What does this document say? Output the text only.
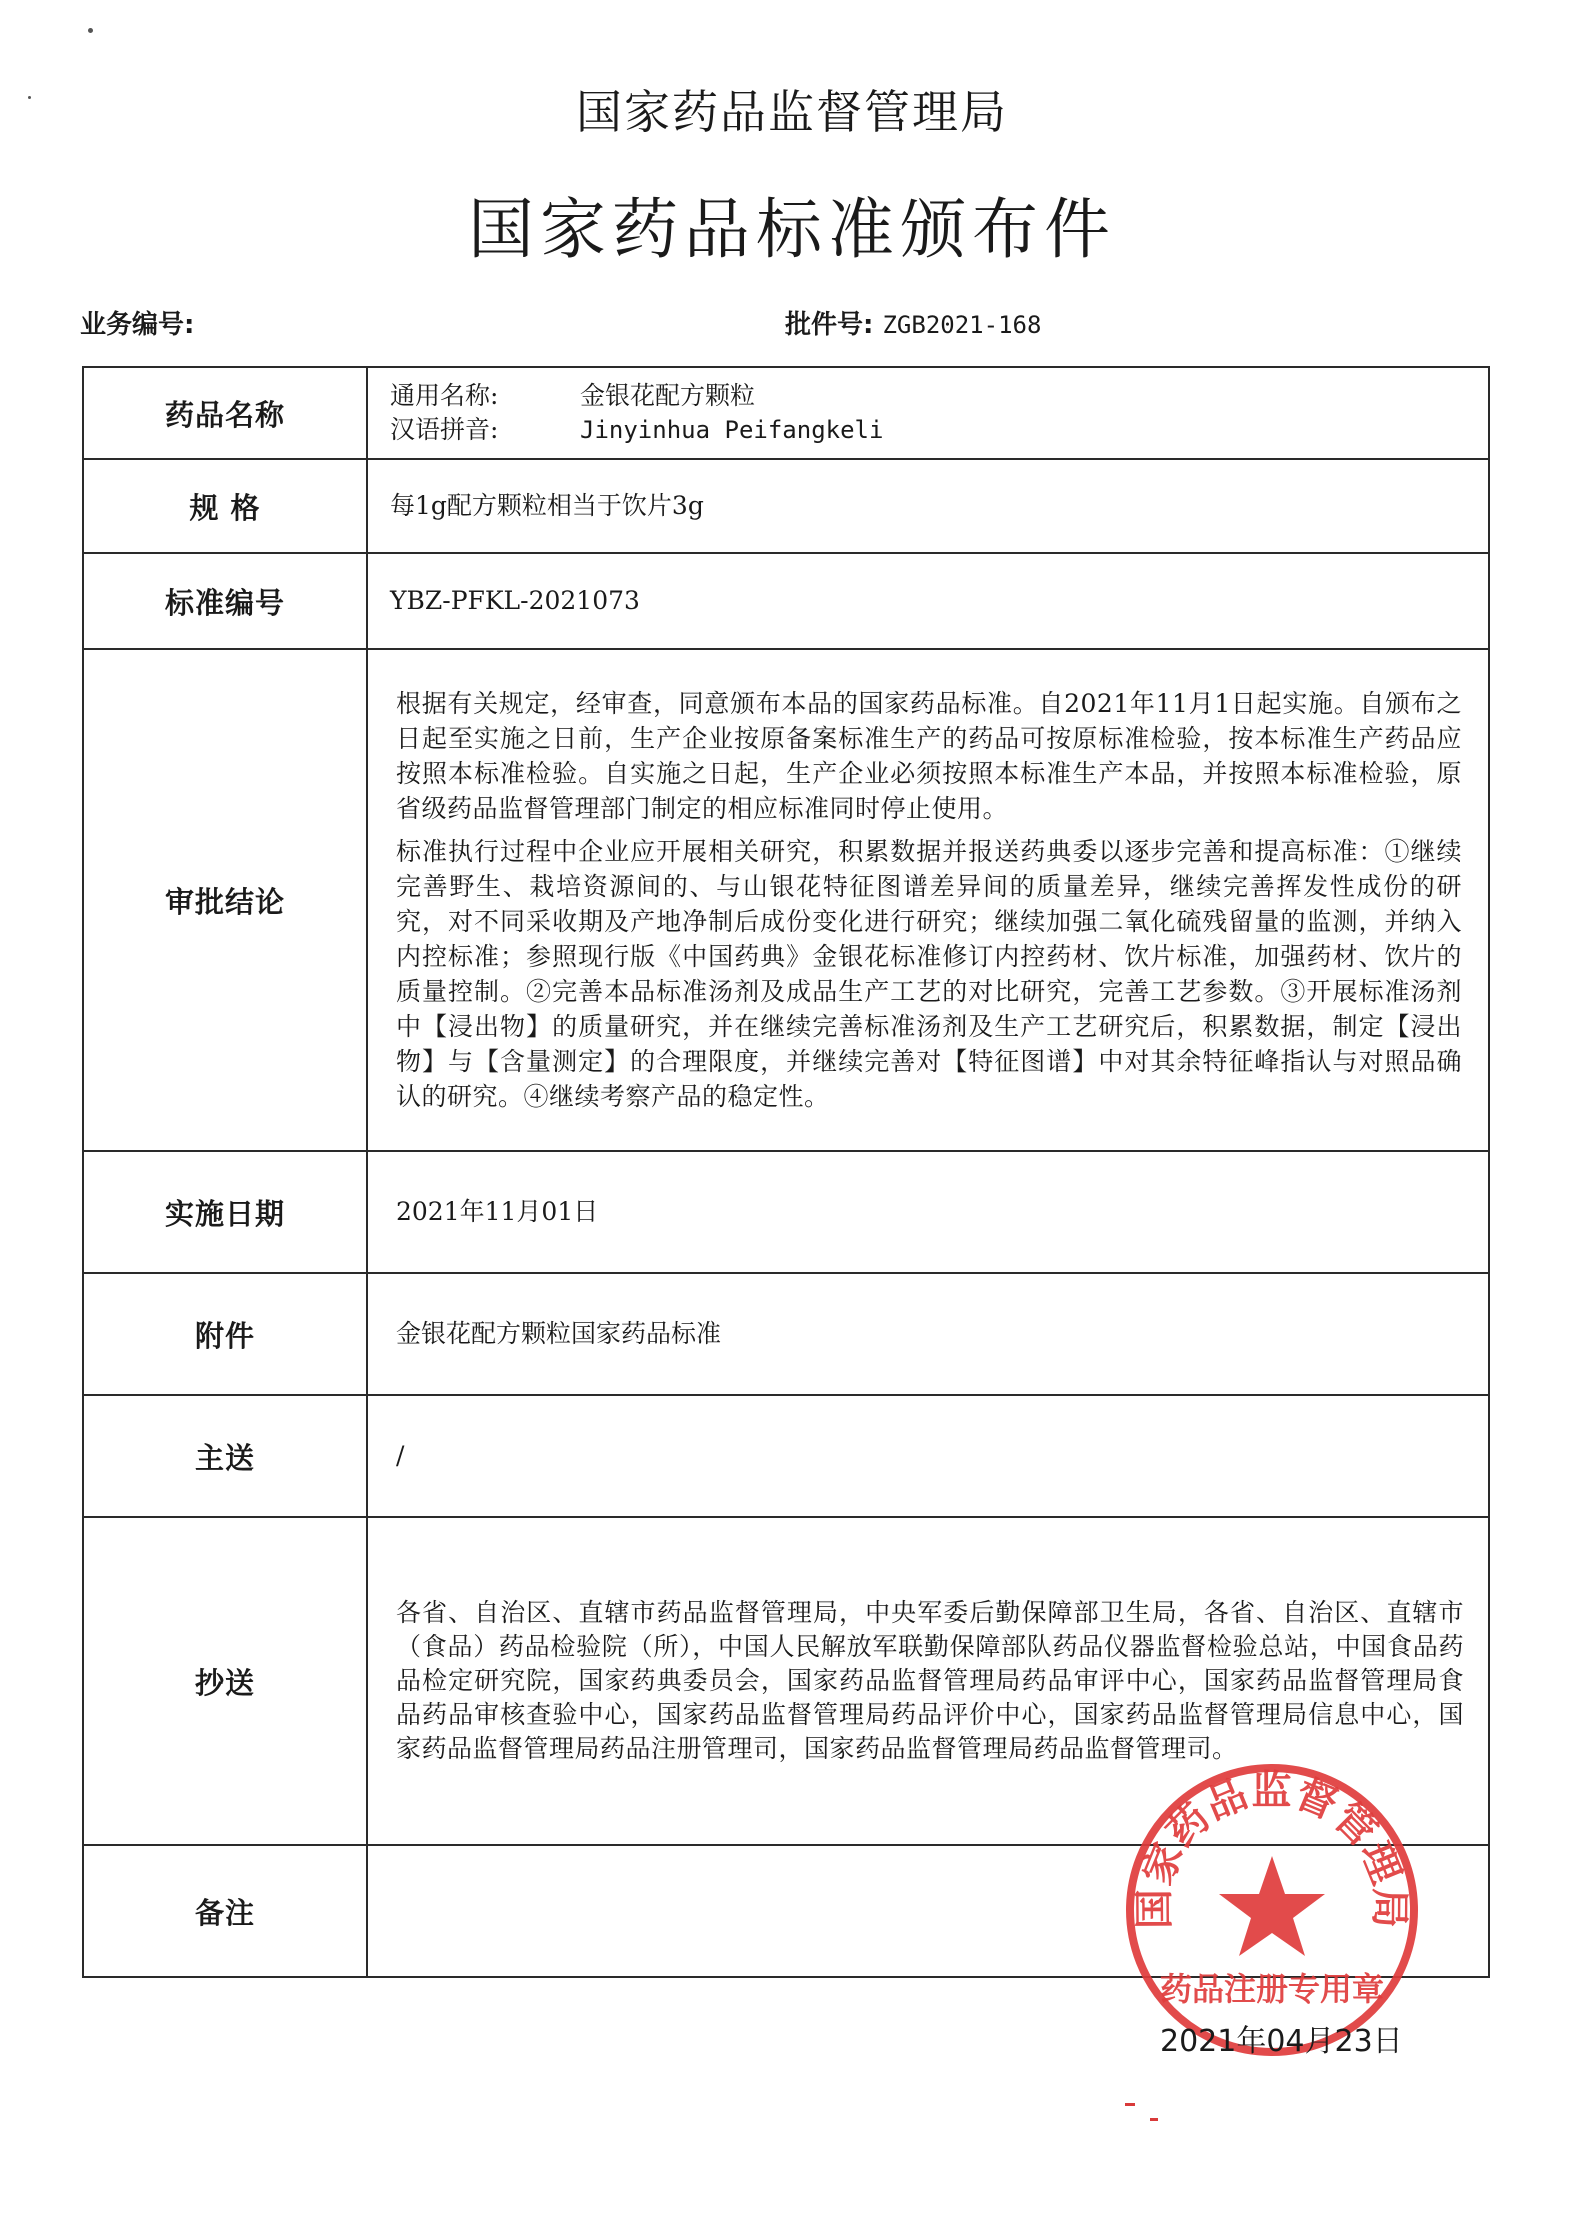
国家药品监督管理局
国家药品标准颁布件
业务编号:	批件号: ZGB2021-168
药品名称	通用名称: 金银花配方颗粒
汉语拼音: Jinyinhua Peifangkeli

规 格	每1g配方颗粒相当于饮片3g
标准编号	YBZ-PFKL-2021073
审批结论	根据有关规定，经审查，同意颁布本品的国家药品标准。自2021年11月1日起实施。自颁布之日起至实施之日前，生产企业按原备案标准生产的药品可按原标准检验，按本标准生产药品应按照本标准检验。自实施之日起，生产企业必须按照本标准生产本品，并按照本标准检验，原省级药品监督管理部门制定的相应标准同时停止使用。

标准执行过程中企业应开展相关研究，积累数据并报送药典委以逐步完善和提高标准：①继续完善野生、栽培资源间的、与山银花特征图谱差异间的质量差异，继续完善挥发性成份的研究，对不同采收期及产地净制后成份变化进行研究；继续加强二氧化硫残留量的监测，并纳入内控标准；参照现行版《中国药典》金银花标准修订内控药材、饮片标准，加强药材、饮片的质量控制。②完善本品标准汤剂及成品生产工艺的对比研究，完善工艺参数。③开展标准汤剂中【浸出物】的质量研究，并在继续完善标准汤剂及生产工艺研究后，积累数据，制定【浸出物】与【含量测定】的合理限度，并继续完善对【特征图谱】中对其余特征峰指认与对照品确认的研究。④继续考察产品的稳定性。

实施日期	2021年11月01日
附件	金银花配方颗粒国家药品标准
主送	/
抄送	各省、自治区、直辖市药品监督管理局，中央军委后勤保障部卫生局，各省、自治区、直辖市（食品）药品检验院（所），中国人民解放军联勤保障部队药品仪器监督检验总站，中国食品药品检定研究院，国家药典委员会，国家药品监督管理局药品审评中心，国家药品监督管理局食品药品审核查验中心，国家药品监督管理局药品评价中心，国家药品监督管理局信息中心，国家药品监督管理局药品注册管理司，国家药品监督管理局药品监督管理司。
备注		国家药品监督管理局
药品注册专用章
2021年04月23日
